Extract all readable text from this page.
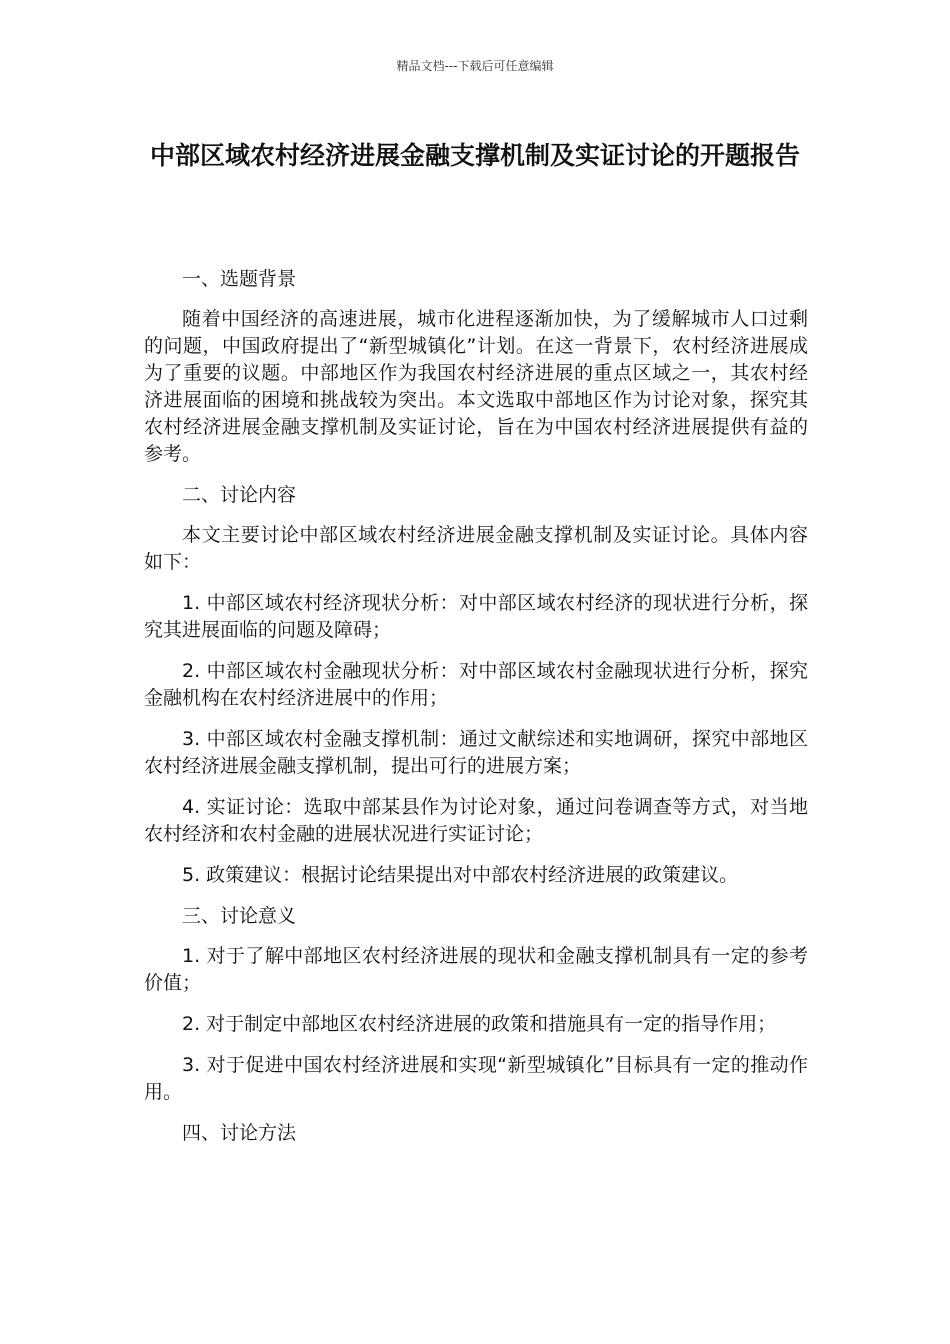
精品文档---下载后可任意编辑
中部区域农村经济进展金融支撑机制及实证讨论的开题报告

一、选题背景

随着中国经济的高速进展，城市化进程逐渐加快，为了缓解城市人口过剩的问题，中国政府提出了“新型城镇化”计划。在这一背景下，农村经济进展成为了重要的议题。中部地区作为我国农村经济进展的重点区域之一，其农村经济进展面临的困境和挑战较为突出。本文选取中部地区作为讨论对象，探究其农村经济进展金融支撑机制及实证讨论，旨在为中国农村经济进展提供有益的参考。

二、讨论内容

本文主要讨论中部区域农村经济进展金融支撑机制及实证讨论。具体内容如下：

1. 中部区域农村经济现状分析：对中部区域农村经济的现状进行分析，探究其进展面临的问题及障碍；

2. 中部区域农村金融现状分析：对中部区域农村金融现状进行分析，探究金融机构在农村经济进展中的作用；

3. 中部区域农村金融支撑机制：通过文献综述和实地调研，探究中部地区农村经济进展金融支撑机制，提出可行的进展方案；

4. 实证讨论：选取中部某县作为讨论对象，通过问卷调查等方式，对当地农村经济和农村金融的进展状况进行实证讨论；

5. 政策建议：根据讨论结果提出对中部农村经济进展的政策建议。

三、讨论意义

1. 对于了解中部地区农村经济进展的现状和金融支撑机制具有一定的参考价值；

2. 对于制定中部地区农村经济进展的政策和措施具有一定的指导作用；

3. 对于促进中国农村经济进展和实现“新型城镇化”目标具有一定的推动作用。

四、讨论方法
